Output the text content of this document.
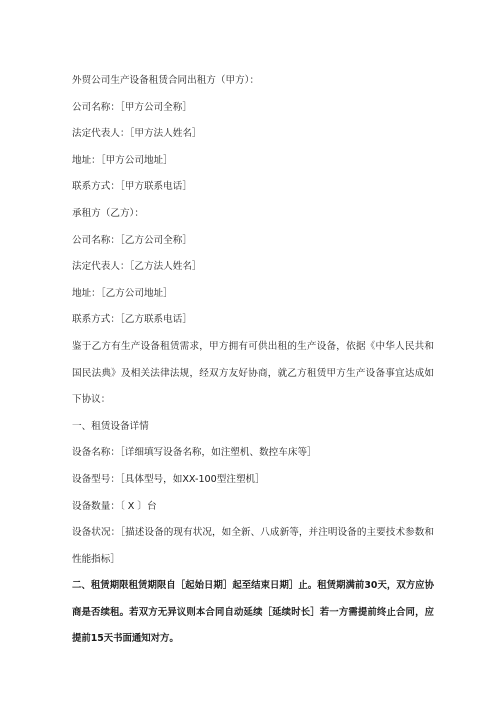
外贸公司生产设备租赁合同出租方（甲方）：
公司名称：［甲方公司全称］
法定代表人：［甲方法人姓名］
地址：［甲方公司地址］
联系方式：［甲方联系电话］
承租方（乙方）：
公司名称：［乙方公司全称］
法定代表人：［乙方法人姓名］
地址：［乙方公司地址］
联系方式：［乙方联系电话］
鉴于乙方有生产设备租赁需求，甲方拥有可供出租的生产设备，依据《中华人民共和国民法典》及相关法律法规，经双方友好协商，就乙方租赁甲方生产设备事宜达成如下协议：
一、租赁设备详情
设备名称：［详细填写设备名称，如注塑机、数控车床等］
设备型号：［具体型号，如XX-100型注塑机］
设备数量：〔 X 〕台
设备状况：［描述设备的现有状况，如全新、八成新等，并注明设备的主要技术参数和性能指标］
二、租赁期限租赁期限自［起始日期］起至结束日期］止。租赁期满前30天，双方应协商是否续租。若双方无异议则本合同自动延续［延续时长］若一方需提前终止合同，应提前15天书面通知对方。
